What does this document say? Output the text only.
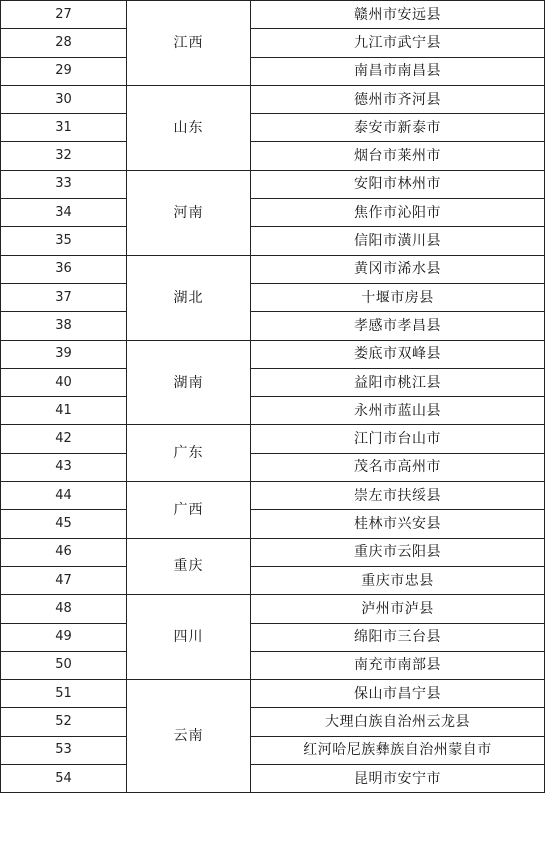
27	江西	赣州市安远县
28		九江市武宁县
29		南昌市南昌县
30	山东	德州市齐河县
31		泰安市新泰市
32		烟台市莱州市
33	河南	安阳市林州市
34		焦作市沁阳市
35		信阳市潢川县
36	湖北	黄冈市浠水县
37		十堰市房县
38		孝感市孝昌县
39	湖南	娄底市双峰县
40		益阳市桃江县
41		永州市蓝山县
42	广东	江门市台山市
43		茂名市高州市
44	广西	崇左市扶绥县
45		桂林市兴安县
46	重庆	重庆市云阳县
47		重庆市忠县
48	四川	泸州市泸县
49		绵阳市三台县
50		南充市南部县
51	云南	保山市昌宁县
52		大理白族自治州云龙县
53		红河哈尼族彝族自治州蒙自市
54		昆明市安宁市
